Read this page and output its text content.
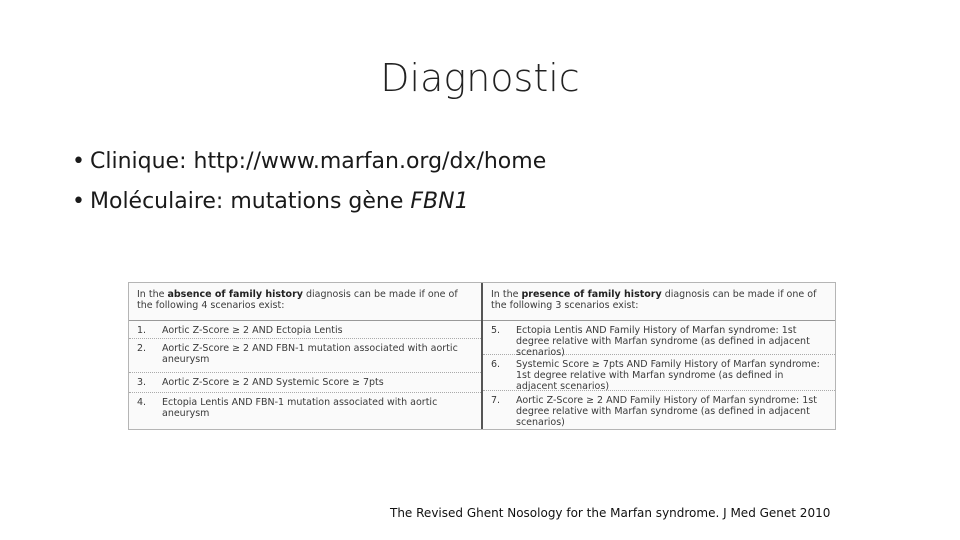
Diagnostic
• Clinique: http://www.marfan.org/dx/home
• Moléculaire: mutations gène FBN1
In the absence of family history diagnosis can be made if one of the following 4 scenarios exist:
1.	Aortic Z-Score ≥ 2 AND Ectopia Lentis
2.	Aortic Z-Score ≥ 2 AND FBN-1 mutation associated with aortic aneurysm
3.	Aortic Z-Score ≥ 2 AND Systemic Score ≥ 7pts
4.	Ectopia Lentis AND FBN-1 mutation associated with aortic aneurysm
In the presence of family history diagnosis can be made if one of the following 3 scenarios exist:
5.	Ectopia Lentis AND Family History of Marfan syndrome: 1st degree relative with Marfan syndrome (as defined in adjacent scenarios)
6.	Systemic Score ≥ 7pts AND Family History of Marfan syndrome: 1st degree relative with Marfan syndrome (as defined in adjacent scenarios)
7.	Aortic Z-Score ≥ 2 AND Family History of Marfan syndrome: 1st degree relative with Marfan syndrome (as defined in adjacent scenarios)
The Revised Ghent Nosology for the Marfan syndrome. J Med Genet 2010
